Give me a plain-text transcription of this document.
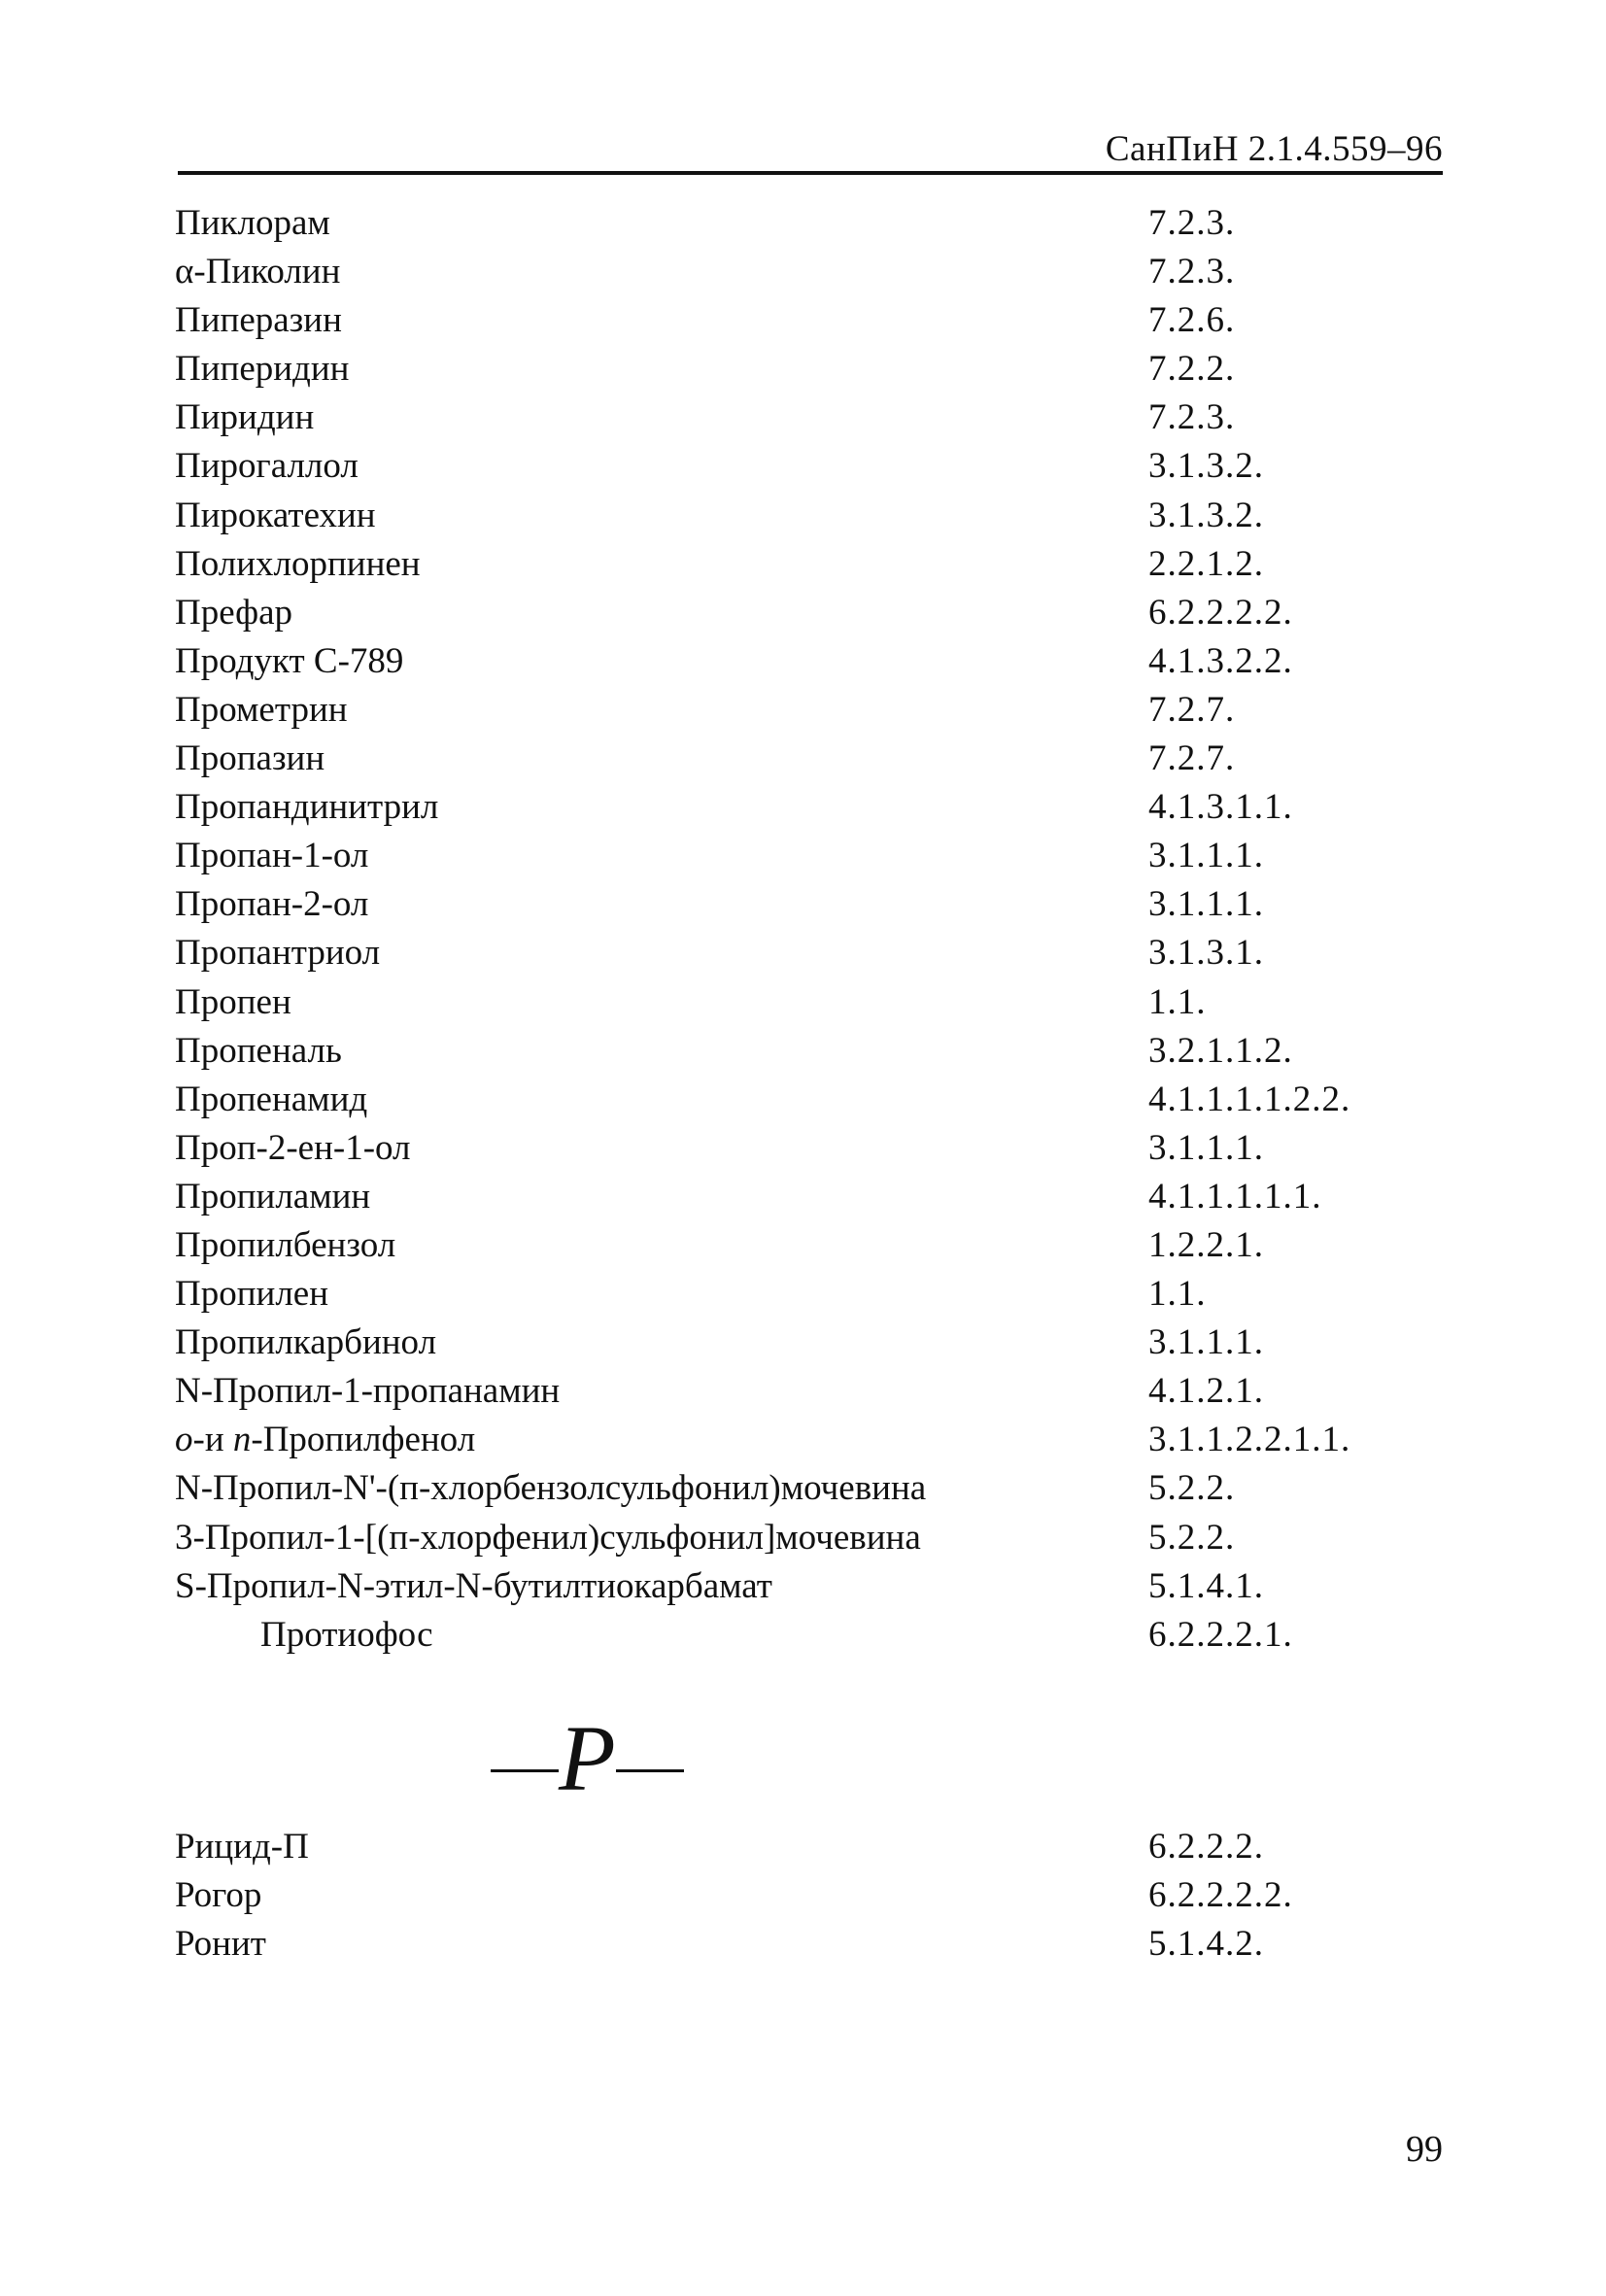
СанПиН 2.1.4.559–96
Пиклорам	7.2.3.
α-Пиколин	7.2.3.
Пиперазин	7.2.6.
Пиперидин	7.2.2.
Пиридин	7.2.3.
Пирогаллол	3.1.3.2.
Пирокатехин	3.1.3.2.
Полихлорпинен	2.2.1.2.
Префар	6.2.2.2.2.
Продукт С-789	4.1.3.2.2.
Прометрин	7.2.7.
Пропазин	7.2.7.
Пропандинитрил	4.1.3.1.1.
Пропан-1-ол	3.1.1.1.
Пропан-2-ол	3.1.1.1.
Пропантриол	3.1.3.1.
Пропен	1.1.
Пропеналь	3.2.1.1.2.
Пропенамид	4.1.1.1.1.2.2.
Проп-2-ен-1-ол	3.1.1.1.
Пропиламин	4.1.1.1.1.1.
Пропилбензол	1.2.2.1.
Пропилен	1.1.
Пропилкарбинол	3.1.1.1.
N-Пропил-1-пропанамин	4.1.2.1.
о-и п-Пропилфенол	3.1.1.2.2.1.1.
N-Пропил-N'-(п-хлорбензолсульфонил)мочевина	5.2.2.
3-Пропил-1-[(п-хлорфенил)сульфонил]мочевина	5.2.2.
S-Пропил-N-этил-N-бутилтиокарбамат	5.1.4.1.
Протиофос	6.2.2.2.1.
Р
Рицид-П	6.2.2.2.
Рогор	6.2.2.2.2.
Ронит	5.1.4.2.
99
